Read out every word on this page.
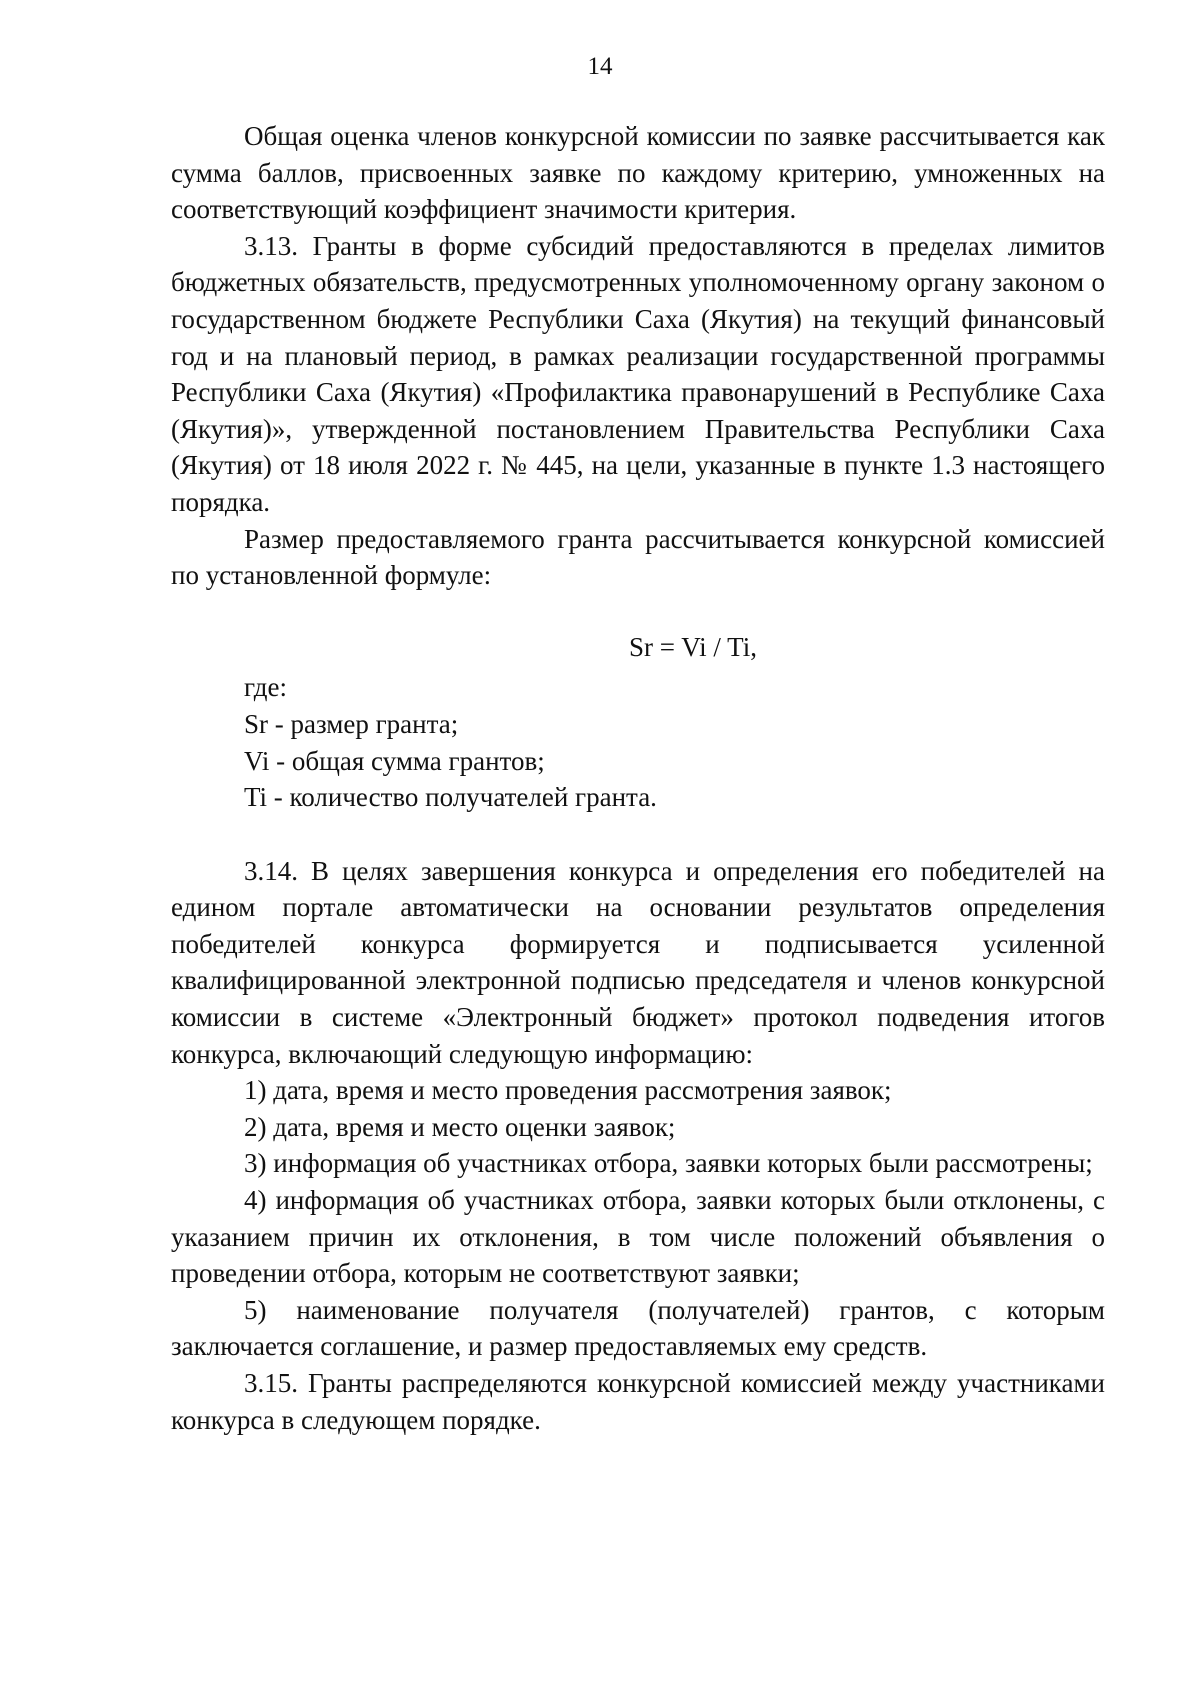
14

Общая оценка членов конкурсной комиссии по заявке рассчитывается как сумма баллов, присвоенных заявке по каждому критерию, умноженных на соответствующий коэффициент значимости критерия.

3.13. Гранты в форме субсидий предоставляются в пределах лимитов бюджетных обязательств, предусмотренных уполномоченному органу законом о государственном бюджете Республики Саха (Якутия) на текущий финансовый год и на плановый период, в рамках реализации государственной программы Республики Саха (Якутия) «Профилактика правонарушений в Республике Саха (Якутия)», утвержденной постановлением Правительства Республики Саха (Якутия) от 18 июля 2022 г. № 445, на цели, указанные в пункте 1.3 настоящего порядка.

Размер предоставляемого гранта рассчитывается конкурсной комиссией по установленной формуле:

Sr = Vi / Ti,
где:
Sr - размер гранта;
Vi - общая сумма грантов;
Ti - количество получателей гранта.

3.14. В целях завершения конкурса и определения его победителей на едином портале автоматически на основании результатов определения победителей конкурса формируется и подписывается усиленной квалифицированной электронной подписью председателя и членов конкурсной комиссии в системе «Электронный бюджет» протокол подведения итогов конкурса, включающий следующую информацию:

1) дата, время и место проведения рассмотрения заявок;

2) дата, время и место оценки заявок;

3) информация об участниках отбора, заявки которых были рассмотрены;

4) информация об участниках отбора, заявки которых были отклонены, с указанием причин их отклонения, в том числе положений объявления о проведении отбора, которым не соответствуют заявки;

5) наименование получателя (получателей) грантов, с которым заключается соглашение, и размер предоставляемых ему средств.

3.15. Гранты распределяются конкурсной комиссией между участниками конкурса в следующем порядке.
